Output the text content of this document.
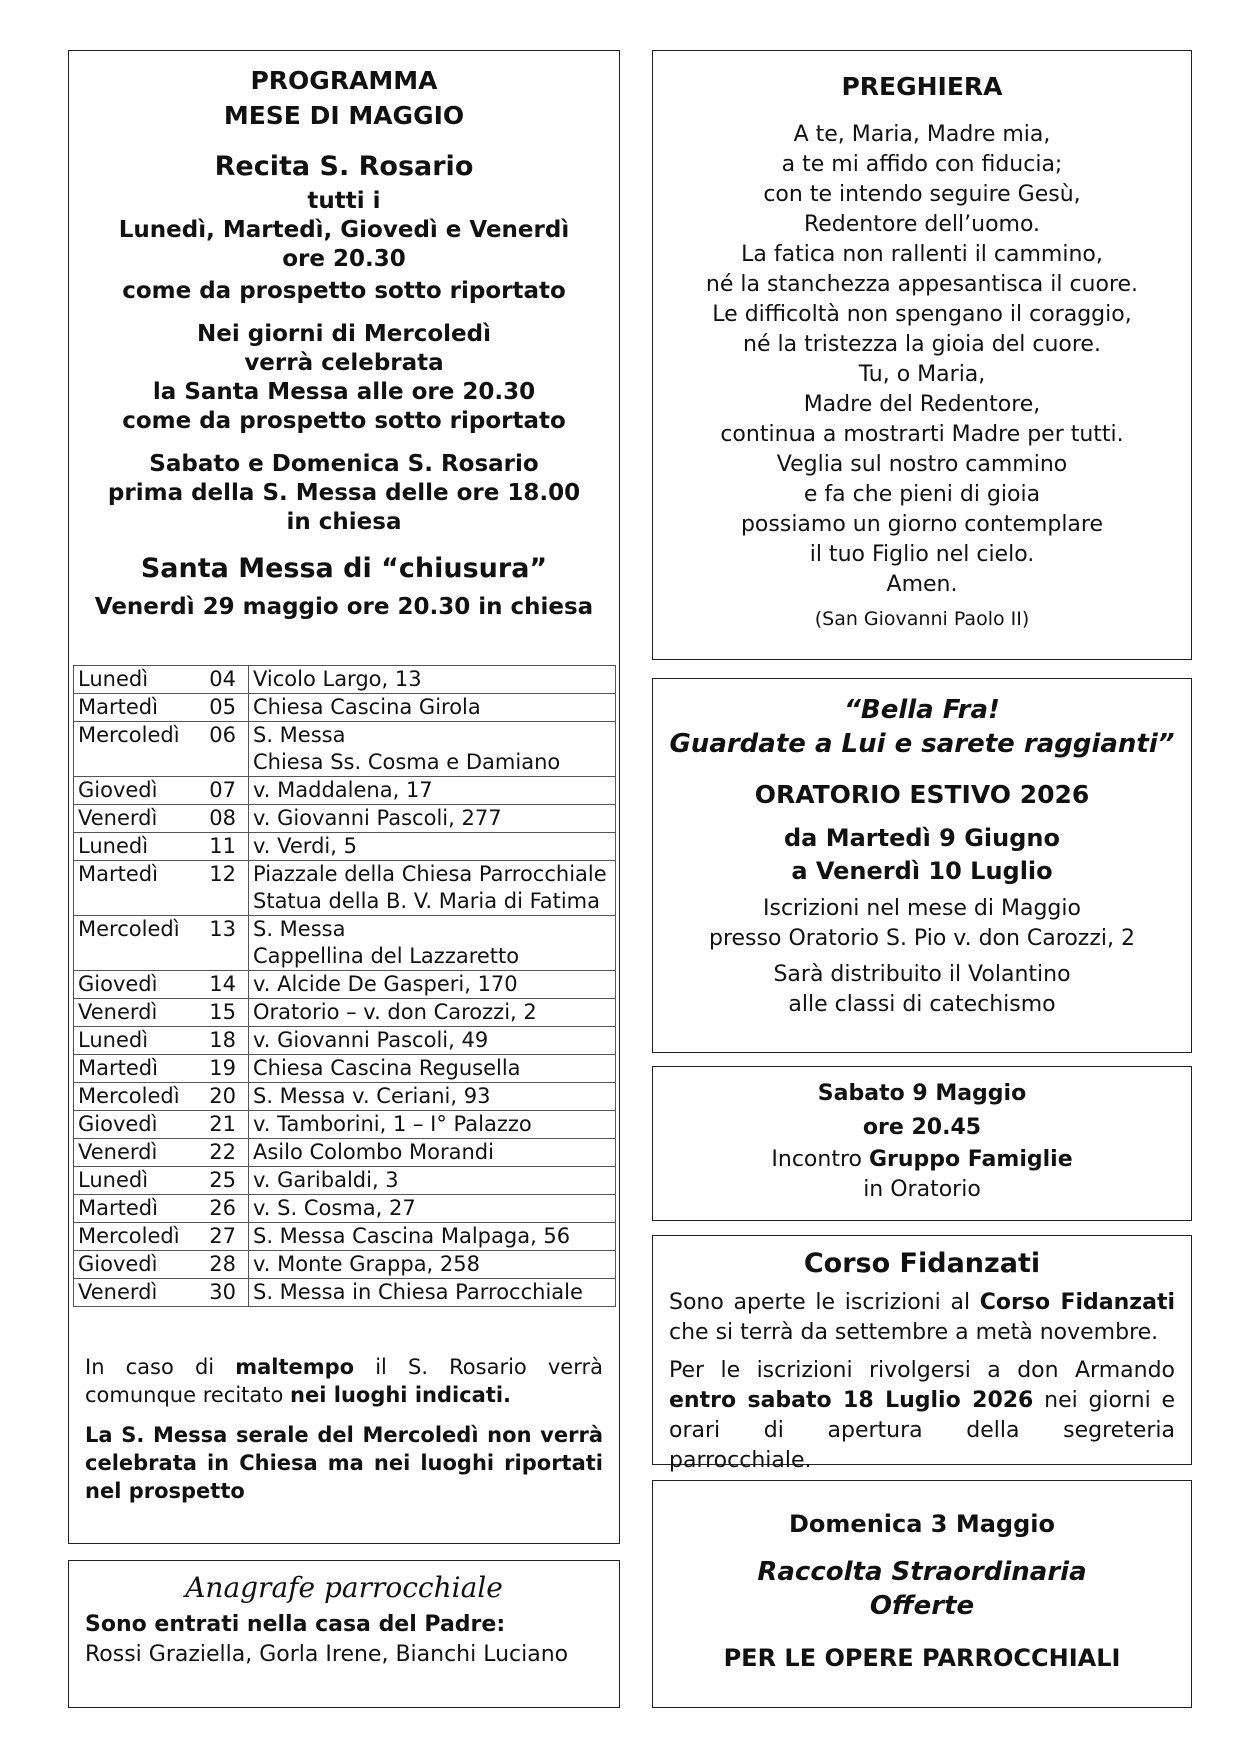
PROGRAMMA
MESE DI MAGGIO
Recita S. Rosario
tutti i
Lunedì, Martedì, Giovedì e Venerdì
ore 20.30
come da prospetto sotto riportato
Nei giorni di Mercoledì
verrà celebrata
la Santa Messa alle ore 20.30
come da prospetto sotto riportato
Sabato e Domenica S. Rosario
prima della S. Messa delle ore 18.00
in chiesa
Santa Messa di “chiusura”
Venerdì 29 maggio ore 20.30 in chiesa
Lunedì	04	Vicolo Largo, 13
Martedì	05	Chiesa Cascina Girola
Mercoledì	06	S. Messa
Chiesa Ss. Cosma e Damiano

Giovedì	07	v. Maddalena, 17
Venerdì	08	v. Giovanni Pascoli, 277
Lunedì	11	v. Verdi, 5
Martedì	12	Piazzale della Chiesa Parrocchiale
Statua della B. V. Maria di Fatima

Mercoledì	13	S. Messa
Cappellina del Lazzaretto

Giovedì	14	v. Alcide De Gasperi, 170
Venerdì	15	Oratorio – v. don Carozzi, 2
Lunedì	18	v. Giovanni Pascoli, 49
Martedì	19	Chiesa Cascina Regusella
Mercoledì	20	S. Messa v. Ceriani, 93
Giovedì	21	v. Tamborini, 1 – I° Palazzo
Venerdì	22	Asilo Colombo Morandi
Lunedì	25	v. Garibaldi, 3
Martedì	26	v. S. Cosma, 27
Mercoledì	27	S. Messa Cascina Malpaga, 56
Giovedì	28	v. Monte Grappa, 258
Venerdì	30	S. Messa in Chiesa Parrocchiale
In caso di maltempo il S. Rosario verrà comunque recitato nei luoghi indicati.
La S. Messa serale del Mercoledì non verrà celebrata in Chiesa ma nei luoghi riportati nel prospetto
Anagrafe parrocchiale
Sono entrati nella casa del Padre:
Rossi Graziella, Gorla Irene, Bianchi Luciano
PREGHIERA
A te, Maria, Madre mia,
a te mi affido con fiducia;
con te intendo seguire Gesù,
Redentore dell’uomo.
La fatica non rallenti il cammino,
né la stanchezza appesantisca il cuore.
Le difficoltà non spengano il coraggio,
né la tristezza la gioia del cuore.
Tu, o Maria,
Madre del Redentore,
continua a mostrarti Madre per tutti.
Veglia sul nostro cammino
e fa che pieni di gioia
possiamo un giorno contemplare
il tuo Figlio nel cielo.
Amen.
(San Giovanni Paolo II)
“Bella Fra!
Guardate a Lui e sarete raggianti”
ORATORIO ESTIVO 2026
da Martedì 9 Giugno
a Venerdì 10 Luglio
Iscrizioni nel mese di Maggio
presso Oratorio S. Pio v. don Carozzi, 2
Sarà distribuito il Volantino
alle classi di catechismo
Sabato 9 Maggio
ore 20.45
Incontro Gruppo Famiglie
in Oratorio
Corso Fidanzati
Sono aperte le iscrizioni al Corso Fidanzati che si terrà da settembre a metà novembre.
Per le iscrizioni rivolgersi a don Armando entro sabato 18 Luglio 2026 nei giorni e orari di apertura della segreteria parrocchiale.
Domenica 3 Maggio
Raccolta Straordinaria
Offerte
PER LE OPERE PARROCCHIALI
